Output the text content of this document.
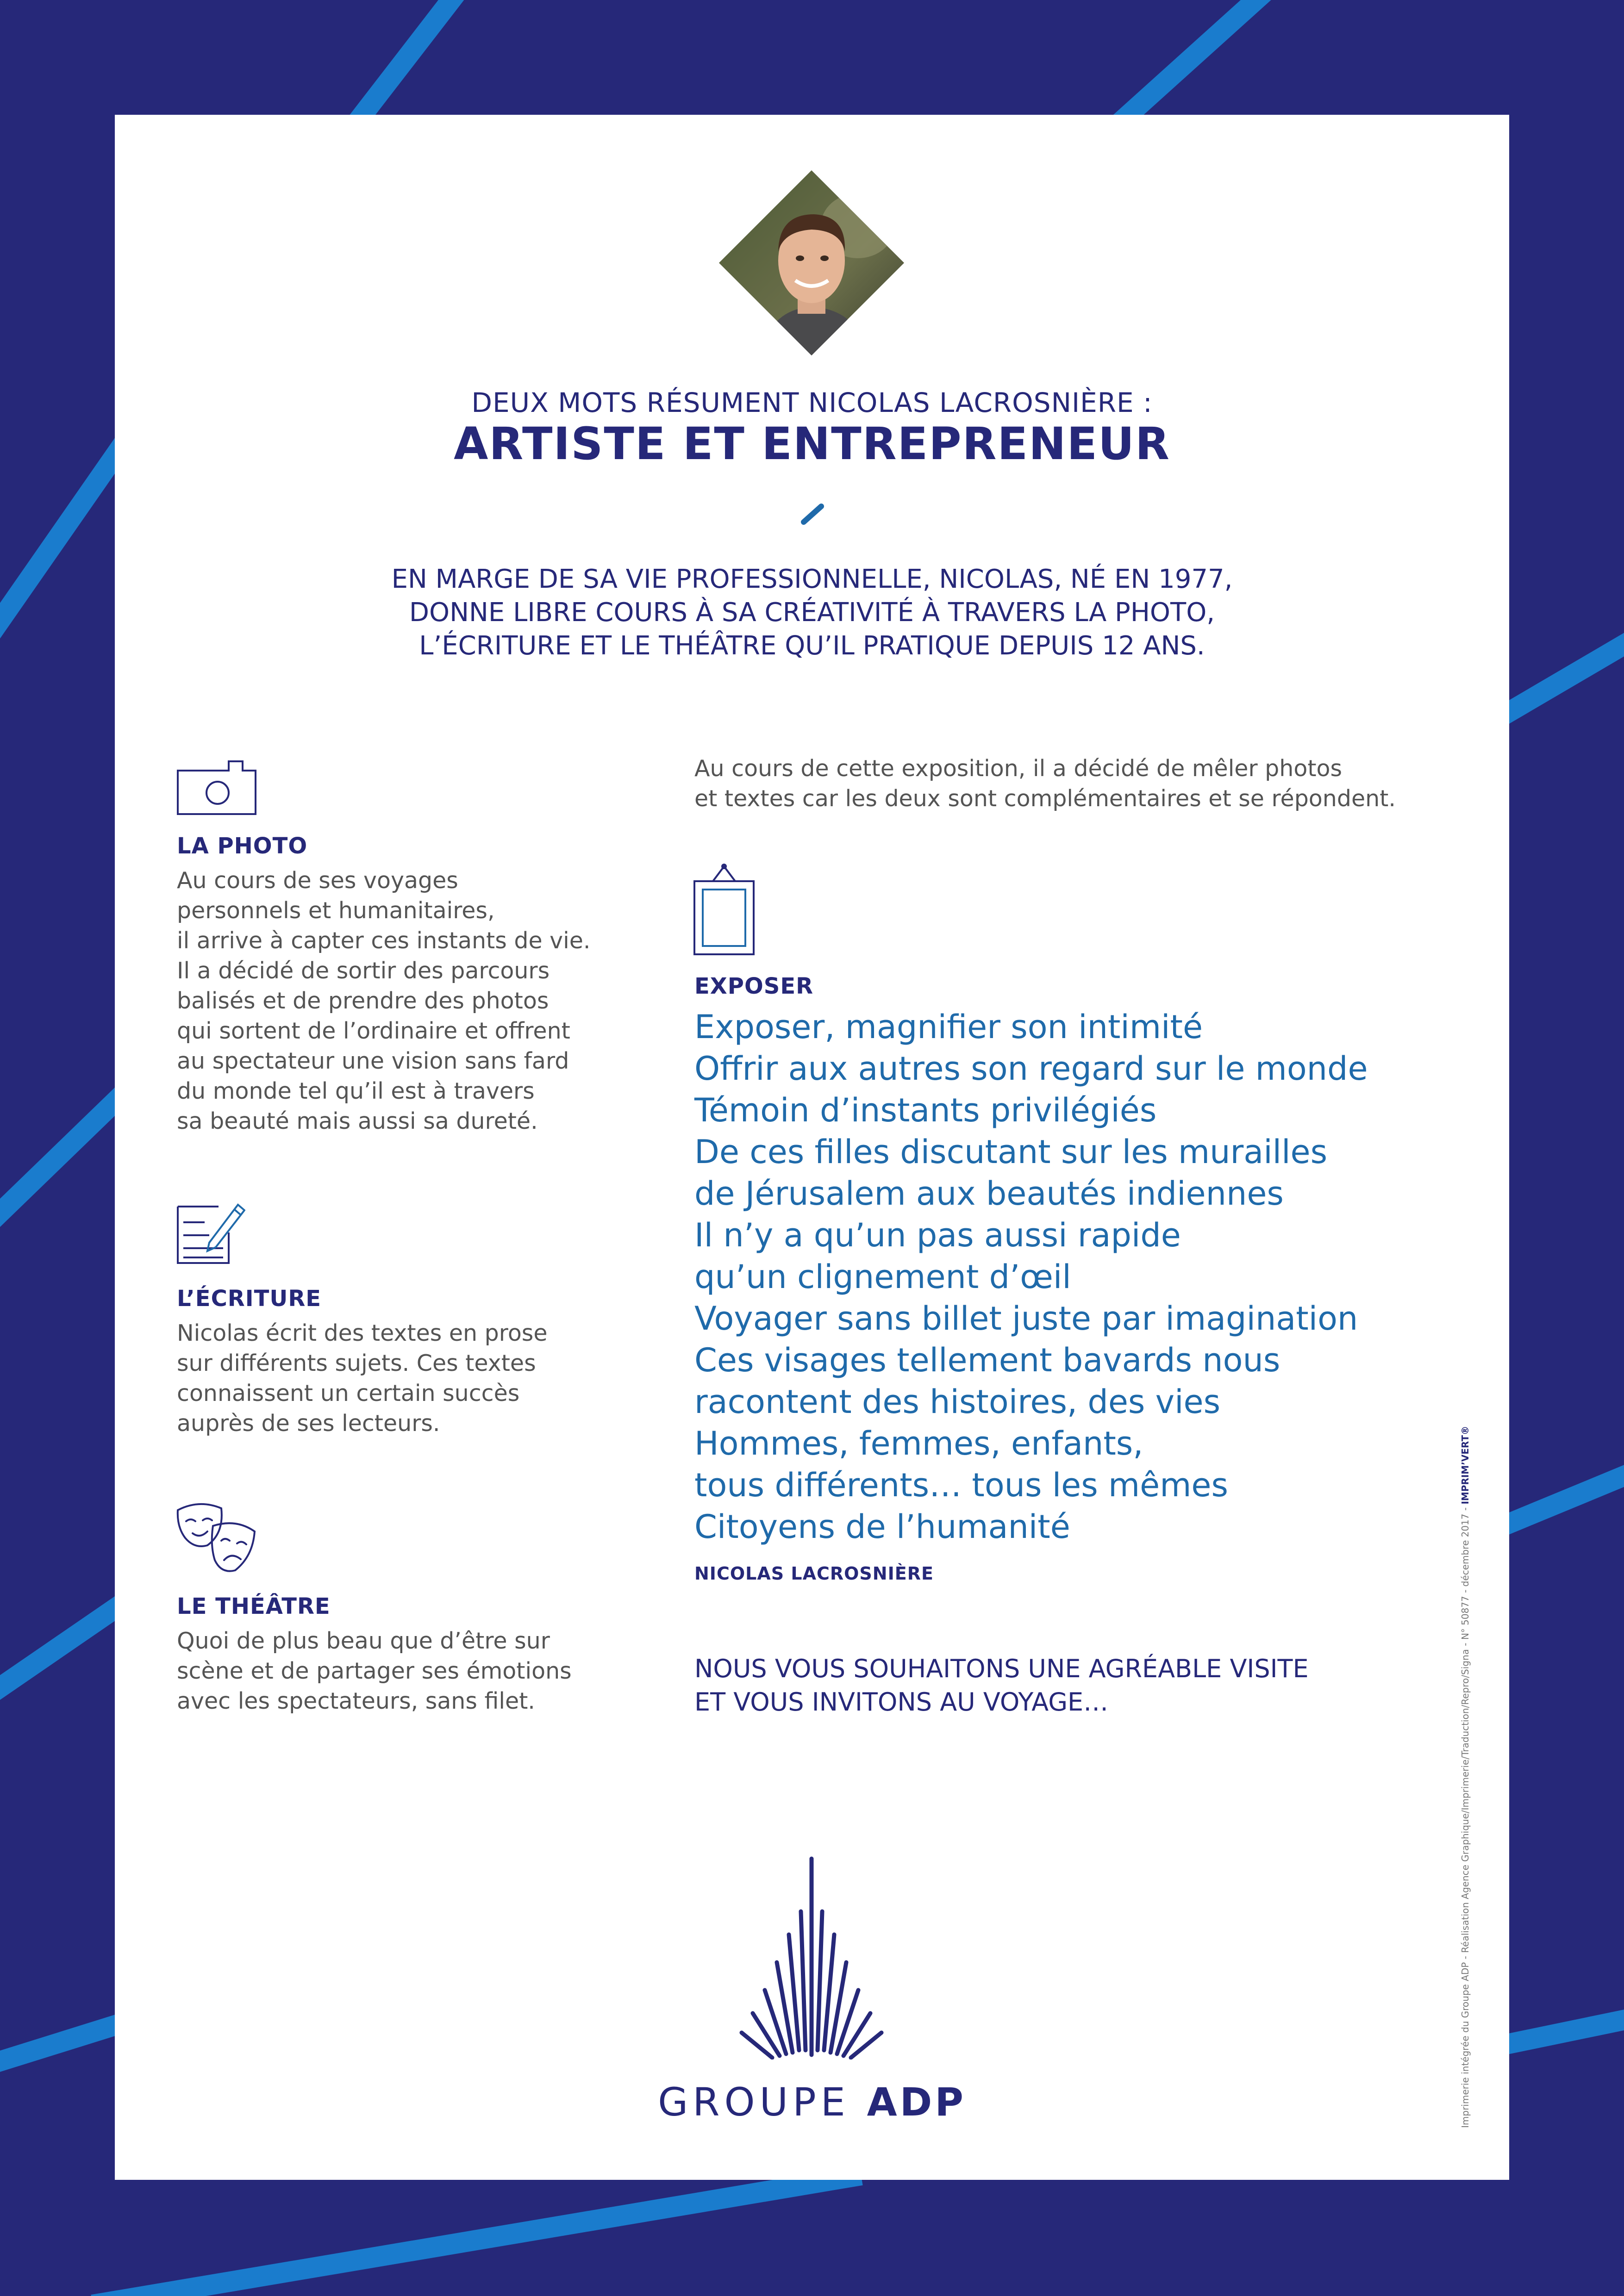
DEUX MOTS RÉSUMENT NICOLAS LACROSNIÈRE :
ARTISTE ET ENTREPRENEUR
EN MARGE DE SA VIE PROFESSIONNELLE, NICOLAS, NÉ EN 1977,
DONNE LIBRE COURS À SA CRÉATIVITÉ À TRAVERS LA PHOTO,
L’ÉCRITURE ET LE THÉÂTRE QU’IL PRATIQUE DEPUIS 12 ANS.
LA PHOTO
Au cours de ses voyages
personnels et humanitaires,
il arrive à capter ces instants de vie.
Il a décidé de sortir des parcours
balisés et de prendre des photos
qui sortent de l’ordinaire et offrent
au spectateur une vision sans fard
du monde tel qu’il est à travers
sa beauté mais aussi sa dureté.
L’ÉCRITURE
Nicolas écrit des textes en prose
sur différents sujets. Ces textes
connaissent un certain succès
auprès de ses lecteurs.
LE THÉÂTRE
Quoi de plus beau que d’être sur
scène et de partager ses émotions
avec les spectateurs, sans filet.
Au cours de cette exposition, il a décidé de mêler photos
et textes car les deux sont complémentaires et se répondent.
EXPOSER
Exposer, magnifier son intimité
Offrir aux autres son regard sur le monde
Témoin d’instants privilégiés
De ces filles discutant sur les murailles
de Jérusalem aux beautés indiennes
Il n’y a qu’un pas aussi rapide
qu’un clignement d’œil
Voyager sans billet juste par imagination
Ces visages tellement bavards nous
racontent des histoires, des vies
Hommes, femmes, enfants,
tous différents… tous les mêmes
Citoyens de l’humanité
NICOLAS LACROSNIÈRE
NOUS VOUS SOUHAITONS UNE AGRÉABLE VISITE
ET VOUS INVITONS AU VOYAGE…
GROUPE ADP	Imprimerie intégrée du Groupe ADP - Réalisation Agence Graphique/Imprimerie/Traduction/Repro/Signa - N° 50877 - décembre 2017 - IMPRIM’VERT®
